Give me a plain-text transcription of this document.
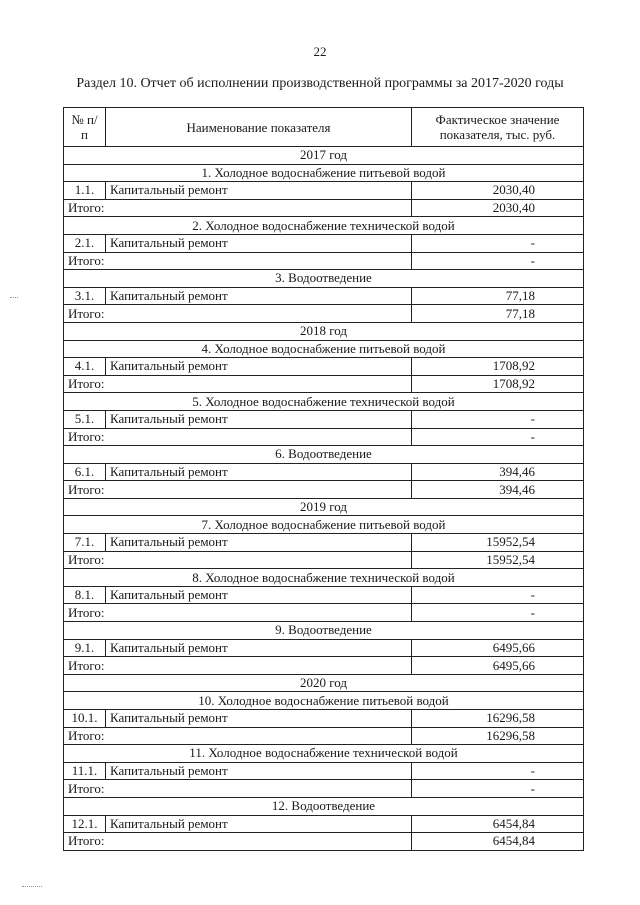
22
Раздел 10. Отчет об исполнении производственной программы за 2017-2020 годы
№ п/п	Наименование показателя	Фактическое значение показателя, тыс. руб.
2017 год		
1. Холодное водоснабжение питьевой водой		
1.1.	Капитальный ремонт	2030,40
Итого:		2030,40
2. Холодное водоснабжение технической водой		
2.1.	Капитальный ремонт	-
Итого:		-
3. Водоотведение		
3.1.	Капитальный ремонт	77,18
Итого:		77,18
2018 год		
4. Холодное водоснабжение питьевой водой		
4.1.	Капитальный ремонт	1708,92
Итого:		1708,92
5. Холодное водоснабжение технической водой		
5.1.	Капитальный ремонт	-
Итого:		-
6. Водоотведение		
6.1.	Капитальный ремонт	394,46
Итого:		394,46
2019 год		
7. Холодное водоснабжение питьевой водой		
7.1.	Капитальный ремонт	15952,54
Итого:		15952,54
8. Холодное водоснабжение технической водой		
8.1.	Капитальный ремонт	-
Итого:		-
9. Водоотведение		
9.1.	Капитальный ремонт	6495,66
Итого:		6495,66
2020 год		
10. Холодное водоснабжение питьевой водой		
10.1.	Капитальный ремонт	16296,58
Итого:		16296,58
11. Холодное водоснабжение технической водой		
11.1.	Капитальный ремонт	-
Итого:		-
12. Водоотведение		
12.1.	Капитальный ремонт	6454,84
Итого:		6454,84
